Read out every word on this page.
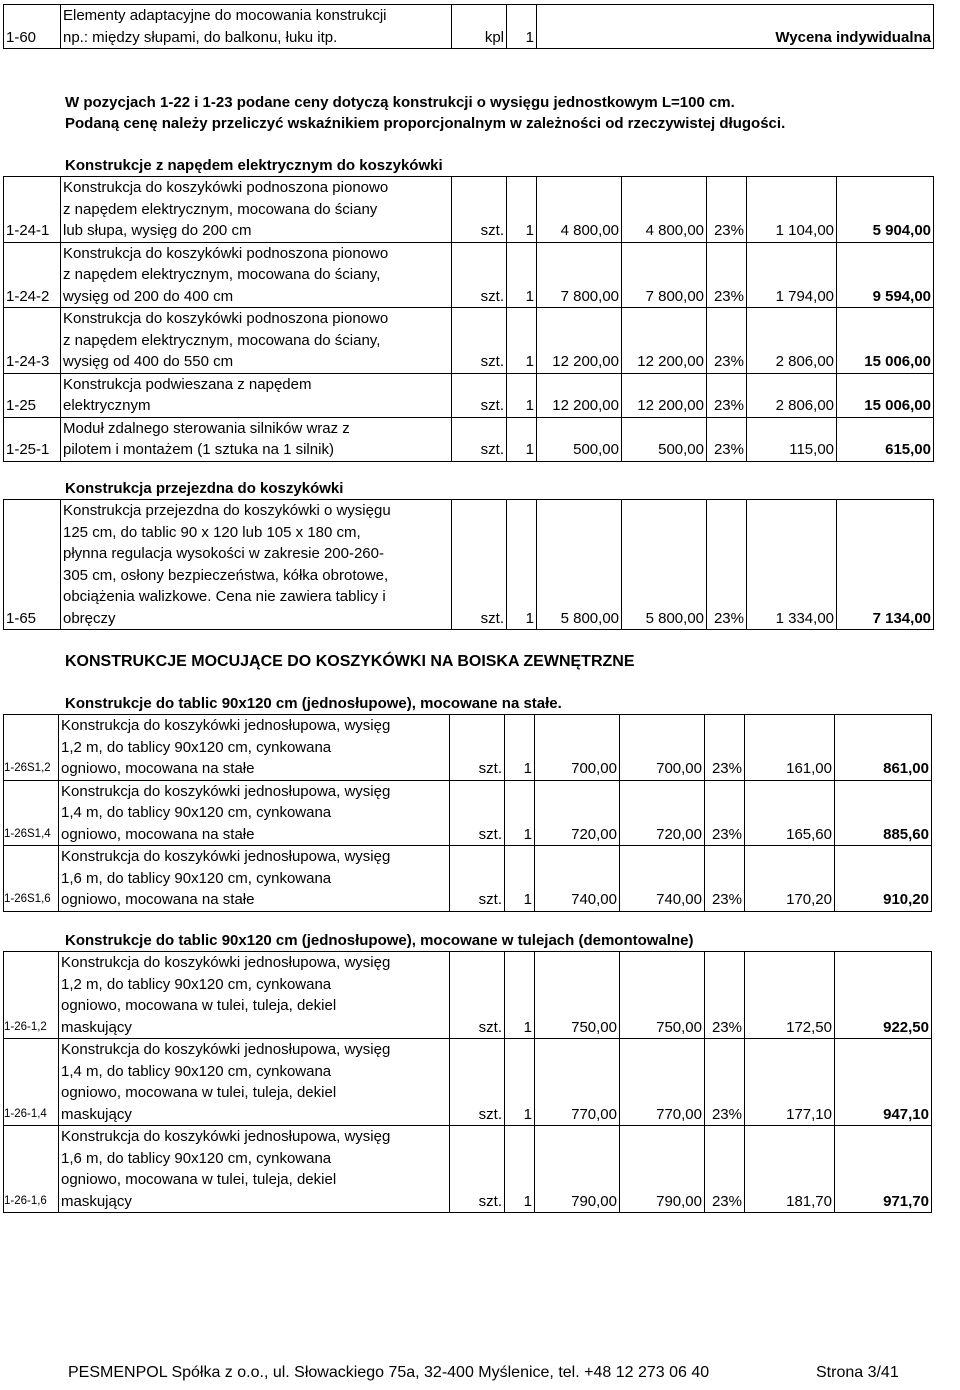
1-60	
Elementy adaptacyjne do mocowania konstrukcji
np.: między słupami, do balkonu, łuku itp.	kpl	1	Wycena indywidualna
W pozycjach 1-22 i 1-23 podane ceny dotyczą konstrukcji o wysięgu jednostkowym L=100 cm.
Podaną cenę należy przeliczyć wskaźnikiem proporcjonalnym w zależności od rzeczywistej długości.
Konstrukcje z napędem elektrycznym do koszykówki
1-24-1	Konstrukcja do koszykówki podnoszona pionowo
z napędem elektrycznym, mocowana do ściany
lub słupa, wysięg do 200 cm	szt.	1	4 800,00	4 800,00	23%	1 104,00	5 904,00
1-24-2	Konstrukcja do koszykówki podnoszona pionowo
z napędem elektrycznym, mocowana do ściany,
wysięg od 200 do 400 cm	szt.	1	7 800,00	7 800,00	23%	1 794,00	9 594,00
1-24-3	Konstrukcja do koszykówki podnoszona pionowo
z napędem elektrycznym, mocowana do ściany,
wysięg od 400 do 550 cm	szt.	1	12 200,00	12 200,00	23%	2 806,00	15 006,00
1-25	Konstrukcja podwieszana z napędem
elektrycznym	szt.	1	12 200,00	12 200,00	23%	2 806,00	15 006,00
1-25-1	Moduł zdalnego sterowania silników wraz z
pilotem i montażem (1 sztuka na 1 silnik)	szt.	1	500,00	500,00	23%	115,00	615,00
Konstrukcja przejezdna do koszykówki
1-65	
Konstrukcja przejezdna do koszykówki o wysięgu
125 cm, do tablic 90 x 120 lub 105 x 180 cm,
płynna regulacja wysokości w zakresie 200-260-
305 cm, osłony bezpieczeństwa, kółka obrotowe,
obciążenia walizkowe. Cena nie zawiera tablicy i
obręczy	szt.	1	5 800,00	5 800,00	23%	1 334,00	7 134,00
KONSTRUKCJE MOCUJĄCE DO KOSZYKÓWKI NA BOISKA ZEWNĘTRZNE
Konstrukcje do tablic 90x120 cm (jednosłupowe), mocowane na stałe.
1-26S1,2	Konstrukcja do koszykówki jednosłupowa, wysięg
1,2 m, do tablicy 90x120 cm, cynkowana
ogniowo, mocowana na stałe	szt.	1	700,00	700,00	23%	161,00	861,00
1-26S1,4	Konstrukcja do koszykówki jednosłupowa, wysięg
1,4 m, do tablicy 90x120 cm, cynkowana
ogniowo, mocowana na stałe	szt.	1	720,00	720,00	23%	165,60	885,60
1-26S1,6	Konstrukcja do koszykówki jednosłupowa, wysięg
1,6 m, do tablicy 90x120 cm, cynkowana
ogniowo, mocowana na stałe	szt.	1	740,00	740,00	23%	170,20	910,20
Konstrukcje do tablic 90x120 cm (jednosłupowe), mocowane w tulejach (demontowalne)
1-26-1,2	Konstrukcja do koszykówki jednosłupowa, wysięg
1,2 m, do tablicy 90x120 cm, cynkowana
ogniowo, mocowana w tulei, tuleja, dekiel
maskujący	szt.	1	750,00	750,00	23%	172,50	922,50
1-26-1,4	Konstrukcja do koszykówki jednosłupowa, wysięg
1,4 m, do tablicy 90x120 cm, cynkowana
ogniowo, mocowana w tulei, tuleja, dekiel
maskujący	szt.	1	770,00	770,00	23%	177,10	947,10
1-26-1,6	Konstrukcja do koszykówki jednosłupowa, wysięg
1,6 m, do tablicy 90x120 cm, cynkowana
ogniowo, mocowana w tulei, tuleja, dekiel
maskujący	szt.	1	790,00	790,00	23%	181,70	971,70
PESMENPOL Spółka z o.o., ul. Słowackiego 75a, 32-400 Myślenice, tel. +48 12 273 06 40	Strona 3/41
